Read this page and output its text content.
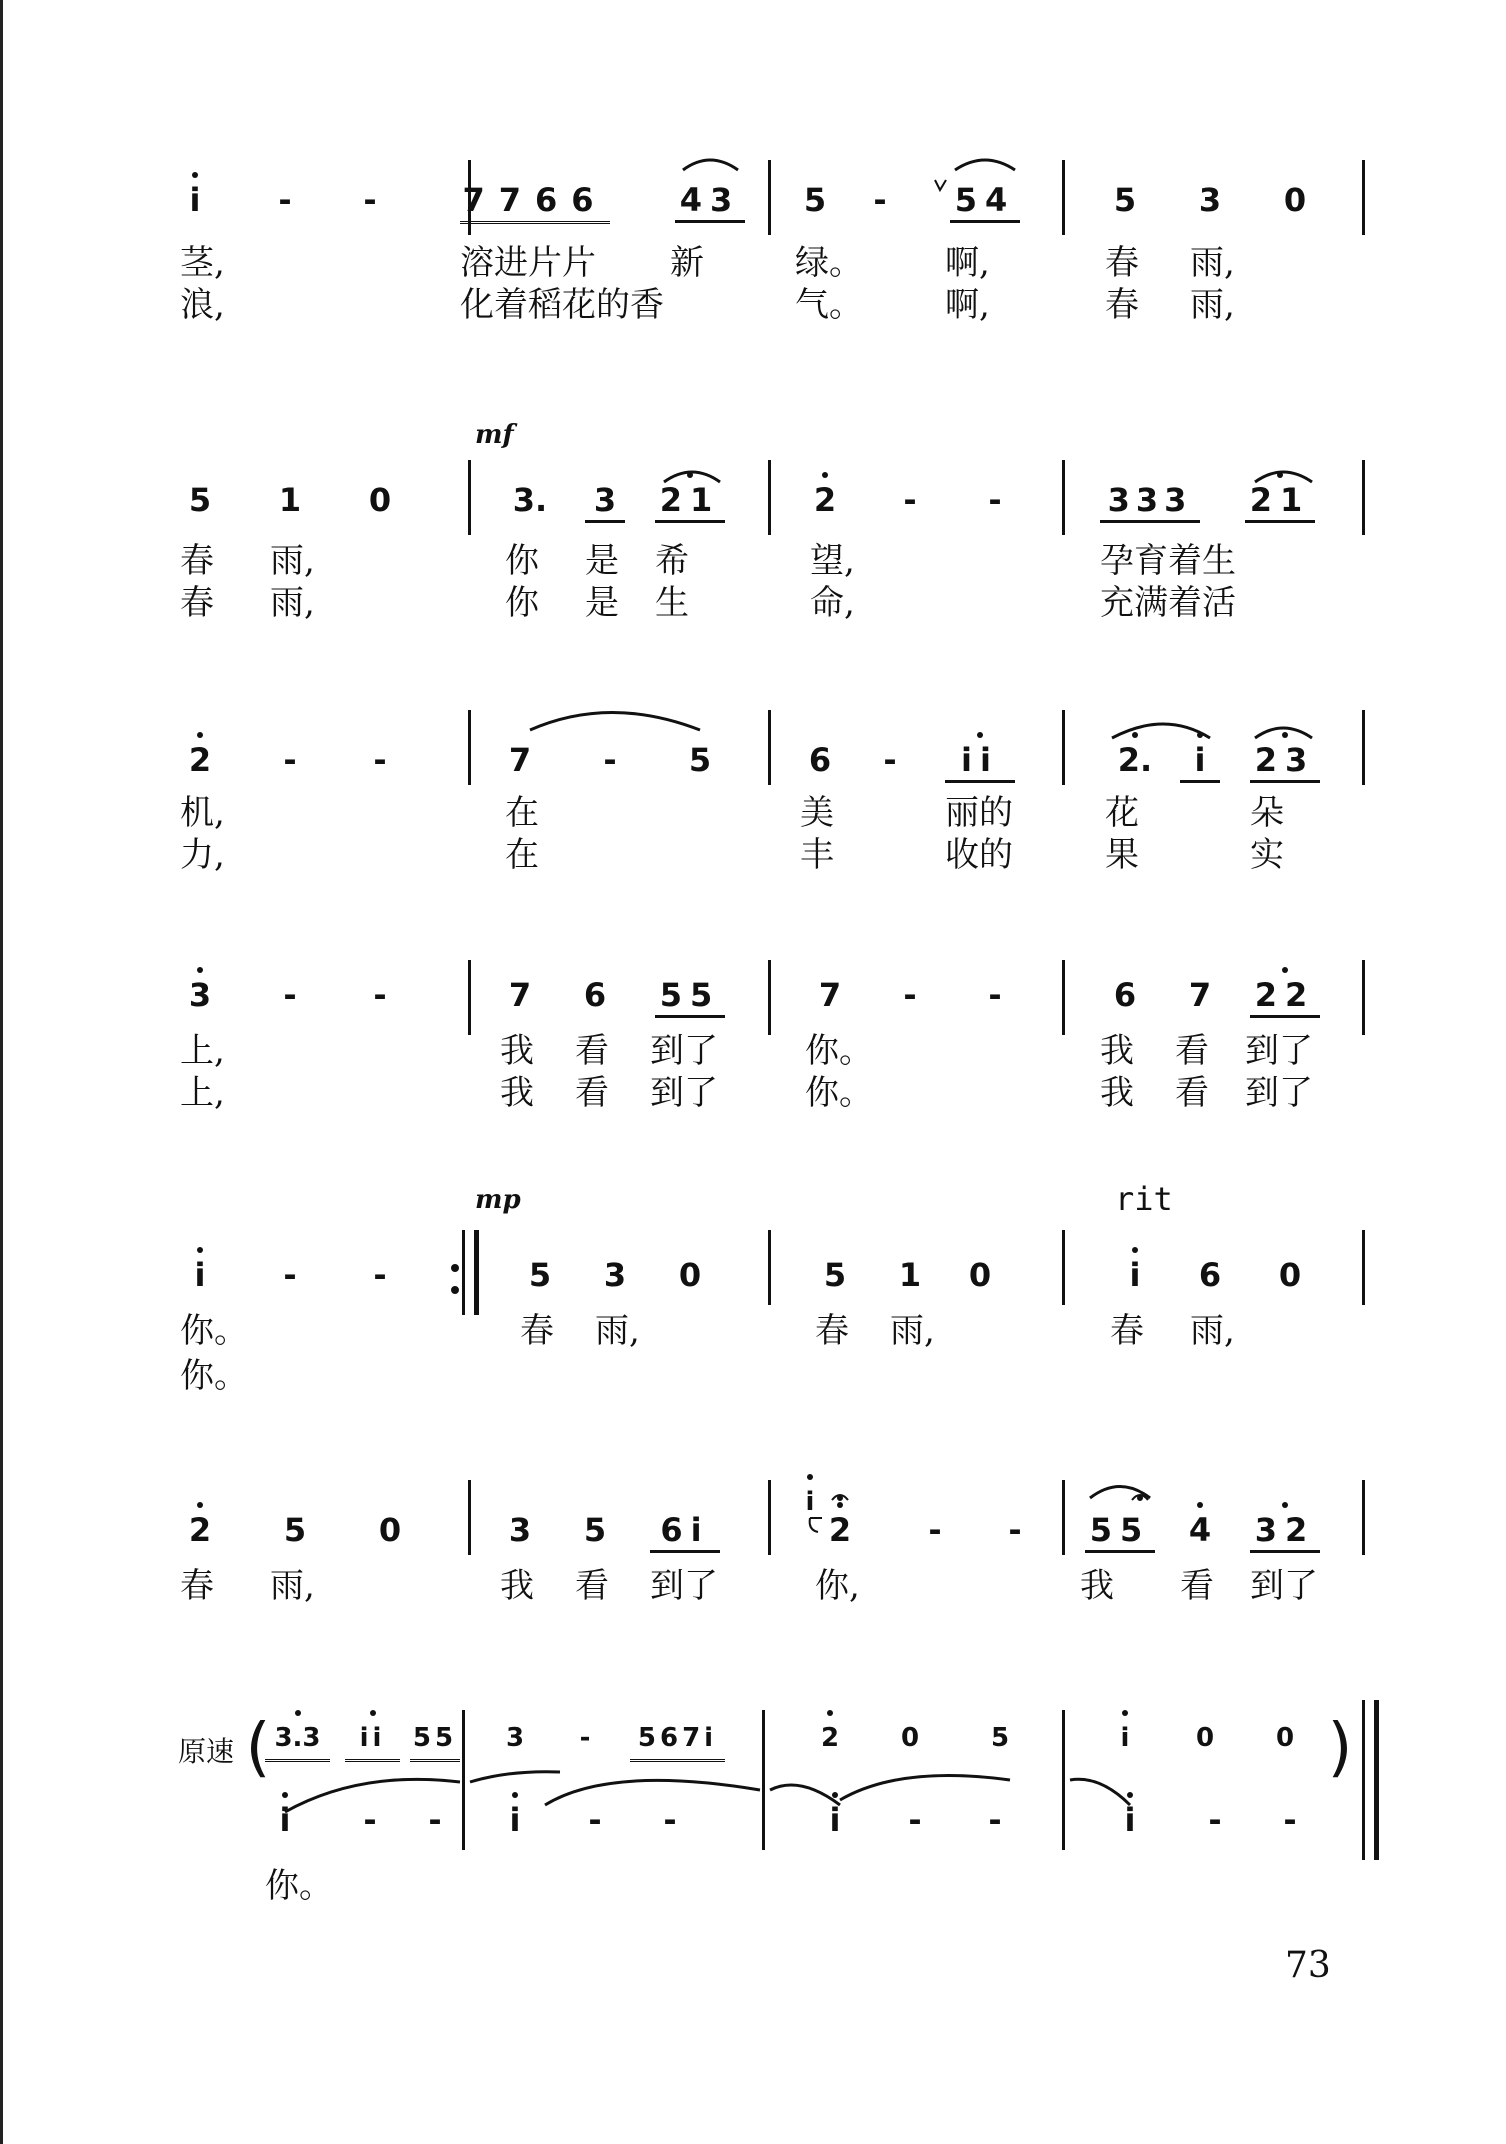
i	-	-	7766 43 5	-	54	5 3 0
茎,	溶进片片 新	绿。 啊,	春 雨,
浪,	化着稻花的香	气。 啊,	春 雨,
mf
5 1 0	3.	3 21	2	-	-	333 21
春 雨,	你 是 希	望,	孕育着生
春 雨,	你 是 生	命,	充满着活
2	-	-	7	-	5	6	-	ii	2.	i	23
机,	在	美	丽的	花	朵
力,	在	丰	收的	果	实
3	-	-	7 6 55	7	-	-	6 7 22
上,	我 看 到了	你。	我 看 到了
上,	我 看 到了	你。	我 看 到了
mp	rit
i	-	-	5 3 0	5 1 0	i	6 0
你。	春 雨,	春 雨,	春 雨,
你。
2 5 0	3 5	6i
i
2	-	-	55 4 32
春 雨,	我 看 到了	你,	我 看 到了
原速 (	)
3.3	ii	55	3	-	567i	2	0	5	i	0	0
i	-	-	i	-	-	i	-	-	i	-	-
你。
73
